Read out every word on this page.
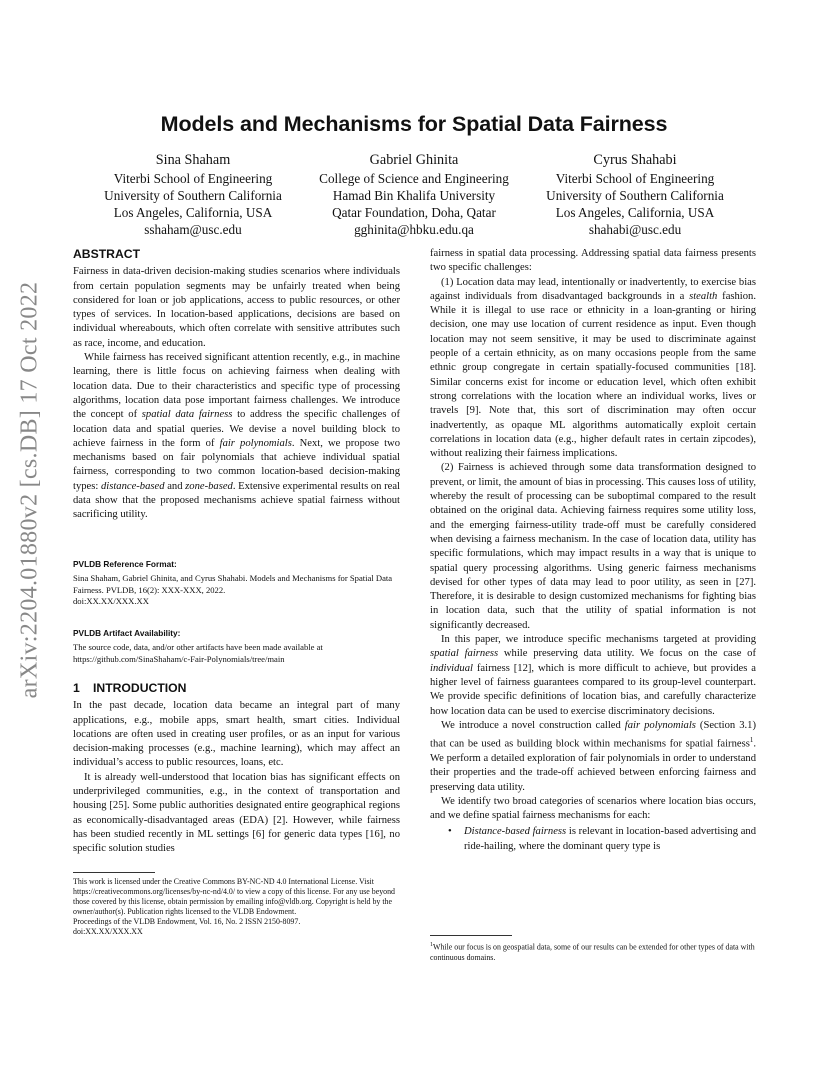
arXiv:2204.01880v2 [cs.DB] 17 Oct 2022
Models and Mechanisms for Spatial Data Fairness
Sina Shaham
Viterbi School of Engineering
University of Southern California
Los Angeles, California, USA
sshaham@usc.edu
Gabriel Ghinita
College of Science and Engineering
Hamad Bin Khalifa University
Qatar Foundation, Doha, Qatar
gghinita@hbku.edu.qa
Cyrus Shahabi
Viterbi School of Engineering
University of Southern California
Los Angeles, California, USA
shahabi@usc.edu
ABSTRACT

Fairness in data-driven decision-making studies scenarios where individuals from certain population segments may be unfairly treated when being considered for loan or job applications, access to public resources, or other types of services. In location-based applications, decisions are based on individual whereabouts, which often correlate with sensitive attributes such as race, income, and education.

While fairness has received significant attention recently, e.g., in machine learning, there is little focus on achieving fairness when dealing with location data. Due to their characteristics and specific type of processing algorithms, location data pose important fairness challenges. We introduce the concept of spatial data fairness to address the specific challenges of location data and spatial queries. We devise a novel building block to achieve fairness in the form of fair polynomials. Next, we propose two mechanisms based on fair polynomials that achieve individual spatial fairness, corresponding to two common location-based decision-making types: distance-based and zone-based. Extensive experimental results on real data show that the proposed mechanisms achieve spatial fairness without sacrificing utility.

PVLDB Reference Format:

Sina Shaham, Gabriel Ghinita, and Cyrus Shahabi. Models and Mechanisms for Spatial Data Fairness. PVLDB, 16(2): XXX-XXX, 2022.

doi:XX.XX/XXX.XX

PVLDB Artifact Availability:

The source code, data, and/or other artifacts have been made available at https://github.com/SinaShaham/c-Fair-Polynomials/tree/main

1 INTRODUCTION

In the past decade, location data became an integral part of many applications, e.g., mobile apps, smart health, smart cities. Individual locations are often used in creating user profiles, or as an input for various decision-making processes (e.g., machine learning), which may affect an individual’s access to public resources, loans, etc.

It is already well-understood that location bias has significant effects on underprivileged communities, e.g., in the context of transportation and housing [25]. Some public authorities designated entire geographical regions as economically-disadvantaged areas (EDA) [2]. However, while fairness has been studied recently in ML settings [6] for generic data types [16], no specific solution studies

This work is licensed under the Creative Commons BY-NC-ND 4.0 International License. Visit https://creativecommons.org/licenses/by-nc-nd/4.0/ to view a copy of this license. For any use beyond those covered by this license, obtain permission by emailing info@vldb.org. Copyright is held by the owner/author(s). Publication rights licensed to the VLDB Endowment.

Proceedings of the VLDB Endowment, Vol. 16, No. 2 ISSN 2150-8097.

doi:XX.XX/XXX.XX

fairness in spatial data processing. Addressing spatial data fairness presents two specific challenges:

(1) Location data may lead, intentionally or inadvertently, to exercise bias against individuals from disadvantaged backgrounds in a stealth fashion. While it is illegal to use race or ethnicity in a loan-granting or hiring decision, one may use location of current residence as input. Even though location may not seem sensitive, it may be used to discriminate against people of a certain ethnicity, as on many occasions people from the same ethnic group congregate in certain spatially-focused communities [18]. Similar concerns exist for income or education level, which often exhibit strong correlations with the location where an individual works, lives or travels [9]. Note that, this sort of discrimination may often occur inadvertently, as opaque ML algorithms automatically exploit certain correlations in location data (e.g., higher default rates in certain zipcodes), without realizing their fairness implications.

(2) Fairness is achieved through some data transformation designed to prevent, or limit, the amount of bias in processing. This causes loss of utility, whereby the result of processing can be suboptimal compared to the result obtained on the original data. Achieving fairness requires some utility loss, and the emerging fairness-utility trade-off must be carefully considered when devising a fairness mechanism. In the case of location data, utility has specific formulations, which may impact results in a way that is unique to spatial query processing algorithms. Using generic fairness mechanisms devised for other types of data may lead to poor utility, as seen in [27]. Therefore, it is desirable to design customized mechanisms for fighting bias in location data, such that the utility of spatial information is not significantly decreased.

In this paper, we introduce specific mechanisms targeted at providing spatial fairness while preserving data utility. We focus on the case of individual fairness [12], which is more difficult to achieve, but provides a higher level of fairness guarantees compared to its group-level counterpart. We provide specific definitions of location bias, and carefully characterize how location data can be used to exercise discriminatory decisions.

We introduce a novel construction called fair polynomials (Section 3.1) that can be used as building block within mechanisms for spatial fairness$^1$. We perform a detailed exploration of fair polynomials in order to understand their properties and the trade-off achieved between enforcing fairness and preserving data utility.

We identify two broad categories of scenarios where location bias occurs, and we define spatial fairness mechanisms for each:

• Distance-based fairness is relevant in location-based advertising and ride-hailing, where the dominant query type is

$^1$While our focus is on geospatial data, some of our results can be extended for other types of data with continuous domains.
